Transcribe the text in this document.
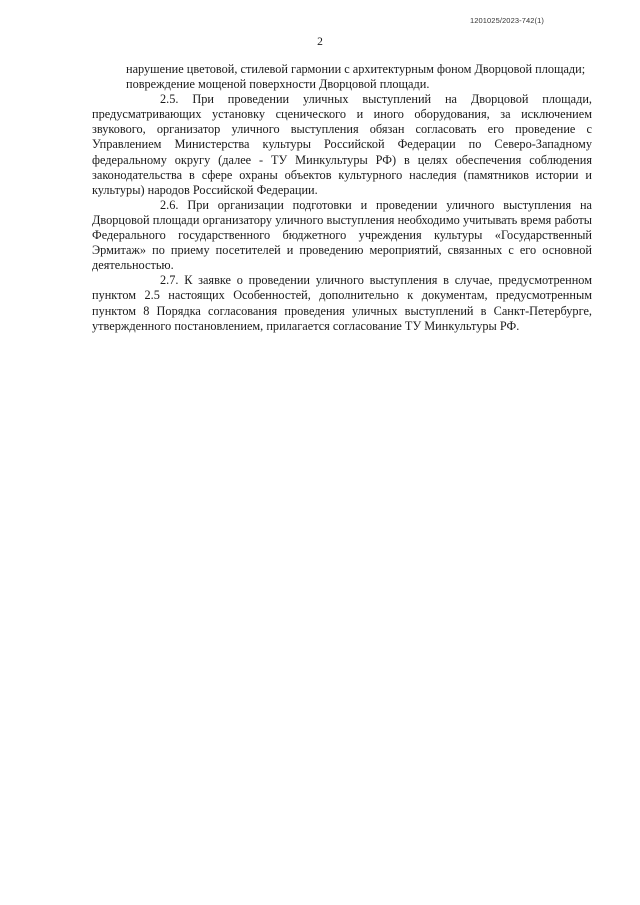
1201025/2023-742(1)
2

нарушение цветовой, стилевой гармонии с архитектурным фоном Дворцовой площади;

повреждение мощеной поверхности Дворцовой площади.

2.5. При проведении уличных выступлений на Дворцовой площади, предусматривающих установку сценического и иного оборудования, за исключением звукового, организатор уличного выступления обязан согласовать его проведение с Управлением Министерства культуры Российской Федерации по Северо-Западному федеральному округу (далее - ТУ Минкультуры РФ) в целях обеспечения соблюдения законодательства в сфере охраны объектов культурного наследия (памятников истории и культуры) народов Российской Федерации.

2.6. При организации подготовки и проведении уличного выступления на Дворцовой площади организатору уличного выступления необходимо учитывать время работы Федерального государственного бюджетного учреждения культуры «Государственный Эрмитаж» по приему посетителей и проведению мероприятий, связанных с его основной деятельностью.

2.7. К заявке о проведении уличного выступления в случае, предусмотренном пунктом 2.5 настоящих Особенностей, дополнительно к документам, предусмотренным пунктом 8 Порядка согласования проведения уличных выступлений в Санкт-Петербурге, утвержденного постановлением, прилагается согласование ТУ Минкультуры РФ.
